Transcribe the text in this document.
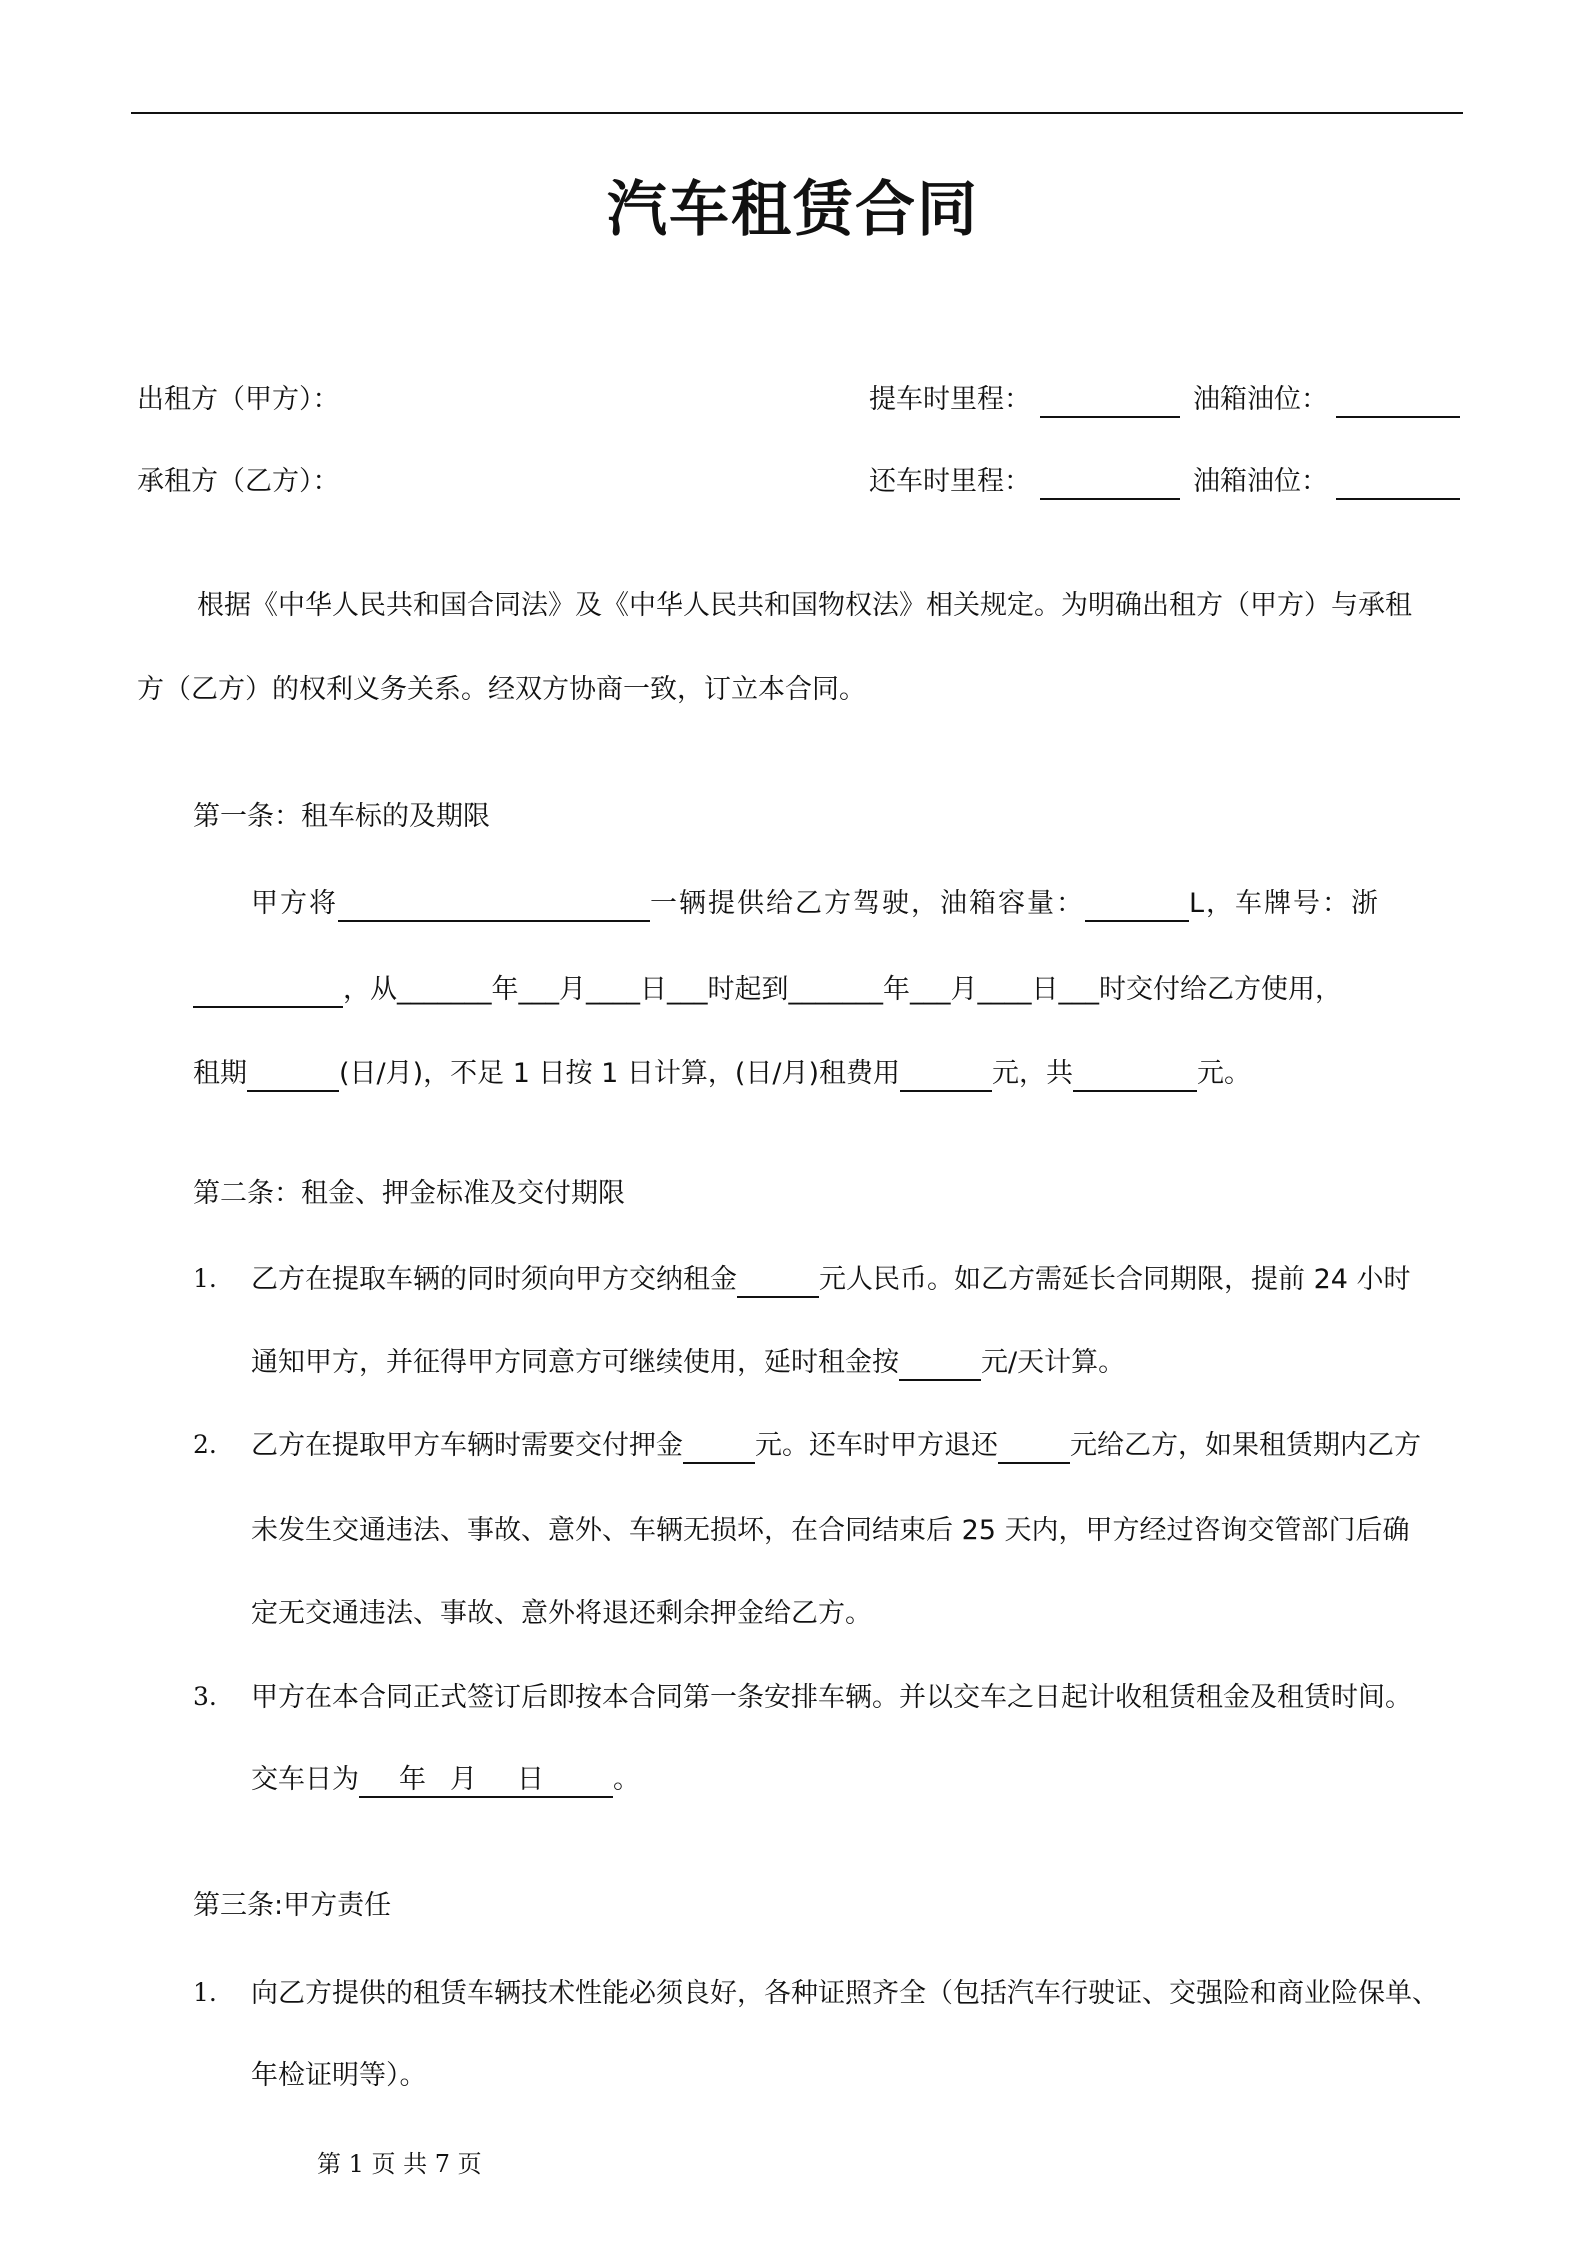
汽车租赁合同
出租方（甲方）：
承租方（乙方）：
提车时里程：	油箱油位：
还车时里程：	油箱油位：
根据《中华人民共和国合同法》及《中华人民共和国物权法》相关规定。为明确出租方（甲方）与承租
方（乙方）的权利义务关系。经双方协商一致，订立本合同。
第一条：租车标的及期限
甲方将	一辆提供给乙方驾驶，油箱容量：	L，车牌号：浙
，从_______年___月____日___时起到_______年___月____日___时交付给乙方使用，
租期	(日/月)，不足 1 日按 1 日计算，(日/月)租费用	元，共	元。
第二条：租金、押金标准及交付期限
1. 乙方在提取车辆的同时须向甲方交纳租金	元人民币。如乙方需延长合同期限，提前 24 小时
通知甲方，并征得甲方同意方可继续使用，延时租金按	元/天计算。
2. 乙方在提取甲方车辆时需要交付押金	元。还车时甲方退还	元给乙方，如果租赁期内乙方
未发生交通违法、事故、意外、车辆无损坏，在合同结束后 25 天内，甲方经过咨询交管部门后确
定无交通违法、事故、意外将退还剩余押金给乙方。
3. 甲方在本合同正式签订后即按本合同第一条安排车辆。并以交车之日起计收租赁租金及租赁时间。
交车日为 年 月 日	。
第三条:甲方责任
1. 向乙方提供的租赁车辆技术性能必须良好，各种证照齐全（包括汽车行驶证、交强险和商业险保单、
年检证明等）。
第 1 页 共 7 页
